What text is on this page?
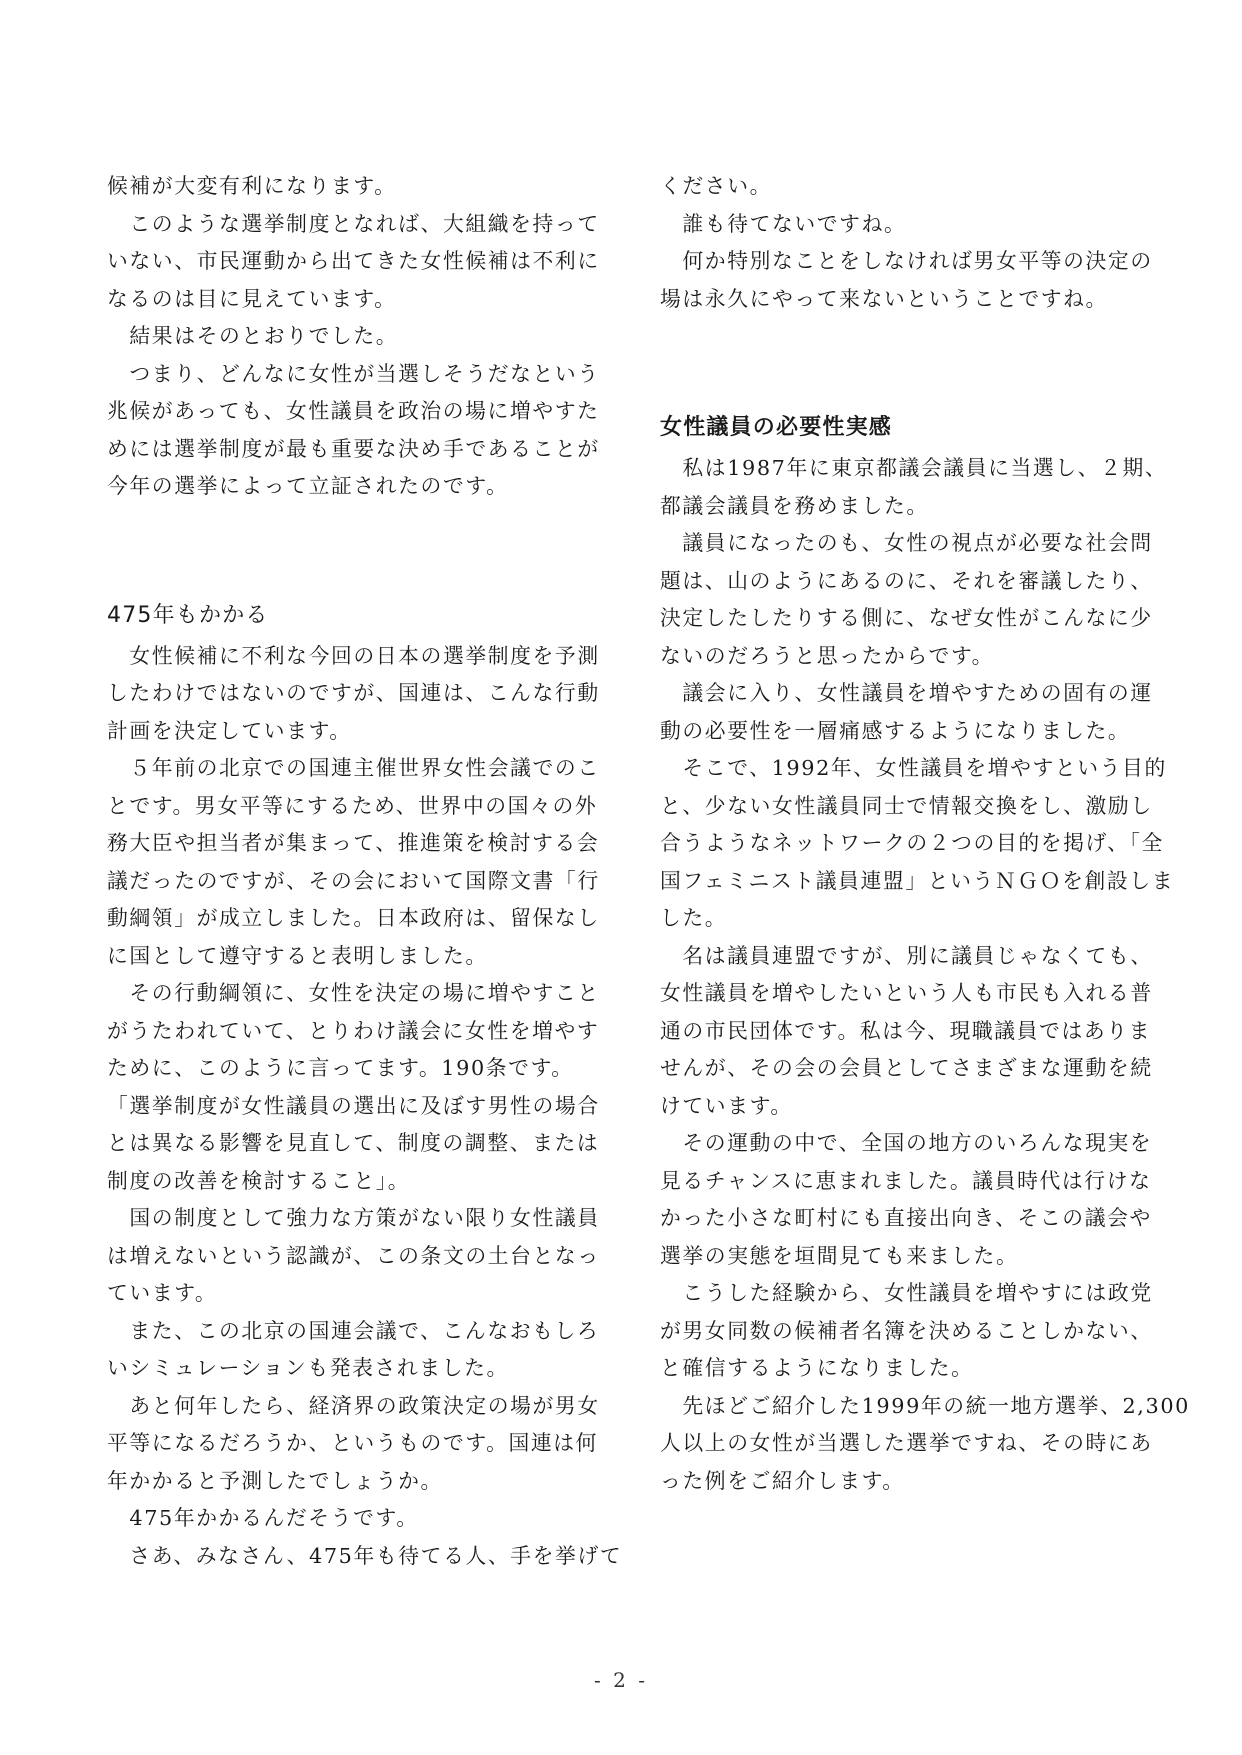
候補が大変有利になります。
　このような選挙制度となれば、大組織を持って
いない、市民運動から出てきた女性候補は不利に
なるのは目に見えています。
　結果はそのとおりでした。
　つまり、どんなに女性が当選しそうだなという
兆候があっても、女性議員を政治の場に増やすた
めには選挙制度が最も重要な決め手であることが
今年の選挙によって立証されたのです。
475年もかかる
　女性候補に不利な今回の日本の選挙制度を予測
したわけではないのですが、国連は、こんな行動
計画を決定しています。
　５年前の北京での国連主催世界女性会議でのこ
とです。男女平等にするため、世界中の国々の外
務大臣や担当者が集まって、推進策を検討する会
議だったのですが、その会において国際文書「行
動綱領」が成立しました。日本政府は、留保なし
に国として遵守すると表明しました。
　その行動綱領に、女性を決定の場に増やすこと
がうたわれていて、とりわけ議会に女性を増やす
ために、このように言ってます。190条です。
「選挙制度が女性議員の選出に及ぼす男性の場合
とは異なる影響を見直して、制度の調整、または
制度の改善を検討すること」。
　国の制度として強力な方策がない限り女性議員
は増えないという認識が、この条文の土台となっ
ています。
　また、この北京の国連会議で、こんなおもしろ
いシミュレーションも発表されました。
　あと何年したら、経済界の政策決定の場が男女
平等になるだろうか、というものです。国連は何
年かかると予測したでしょうか。
　475年かかるんだそうです。
　さあ、みなさん、475年も待てる人、手を挙げて
ください。
　誰も待てないですね。
　何か特別なことをしなければ男女平等の決定の
場は永久にやって来ないということですね。
女性議員の必要性実感
　私は1987年に東京都議会議員に当選し、２期、
都議会議員を務めました。
　議員になったのも、女性の視点が必要な社会問
題は、山のようにあるのに、それを審議したり、
決定したしたりする側に、なぜ女性がこんなに少
ないのだろうと思ったからです。
　議会に入り、女性議員を増やすための固有の運
動の必要性を一層痛感するようになりました。
　そこで、1992年、女性議員を増やすという目的
と、少ない女性議員同士で情報交換をし、激励し
合うようなネットワークの２つの目的を掲げ、「全
国フェミニスト議員連盟」というＮＧＯを創設しま
した。
　名は議員連盟ですが、別に議員じゃなくても、
女性議員を増やしたいという人も市民も入れる普
通の市民団体です。私は今、現職議員ではありま
せんが、その会の会員としてさまざまな運動を続
けています。
　その運動の中で、全国の地方のいろんな現実を
見るチャンスに恵まれました。議員時代は行けな
かった小さな町村にも直接出向き、そこの議会や
選挙の実態を垣間見ても来ました。
　こうした経験から、女性議員を増やすには政党
が男女同数の候補者名簿を決めることしかない、
と確信するようになりました。
　先ほどご紹介した1999年の統一地方選挙、2,300
人以上の女性が当選した選挙ですね、その時にあ
った例をご紹介します。
- 2 -
